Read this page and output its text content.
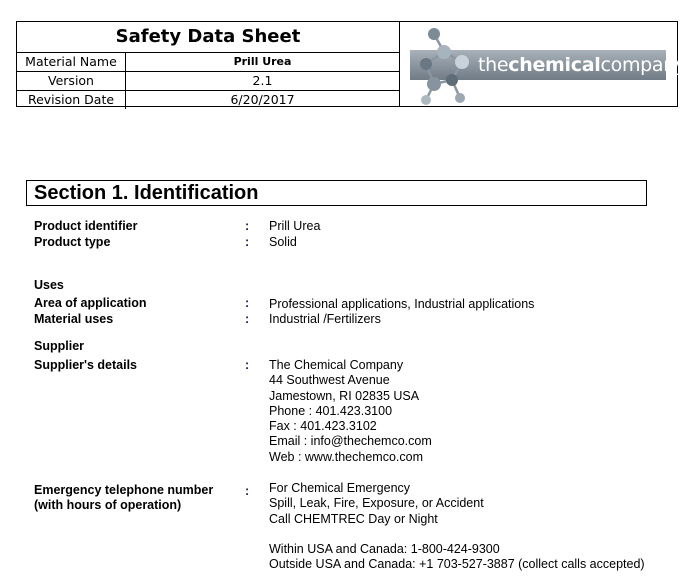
Safety Data Sheet
Material Name	Prill Urea
Version	2.1
Revision Date	6/20/2017
thechemicalcompany
Section 1. Identification
Product identifier	: Prill Urea
Product type	: Solid
Uses
Area of application	: Professional applications, Industrial applications
Material uses	: Industrial /Fertilizers
Supplier
Supplier's details	: The Chemical Company
44 Southwest Avenue
Jamestown, RI 02835 USA
Phone : 401.423.3100
Fax : 401.423.3102
Email : info@thechemco.com
Web : www.thechemco.com
Emergency telephone number
(with hours of operation)
: For Chemical Emergency
Spill, Leak, Fire, Exposure, or Accident
Call CHEMTREC Day or Night
Within USA and Canada: 1-800-424-9300
Outside USA and Canada: +1 703-527-3887 (collect calls accepted)
